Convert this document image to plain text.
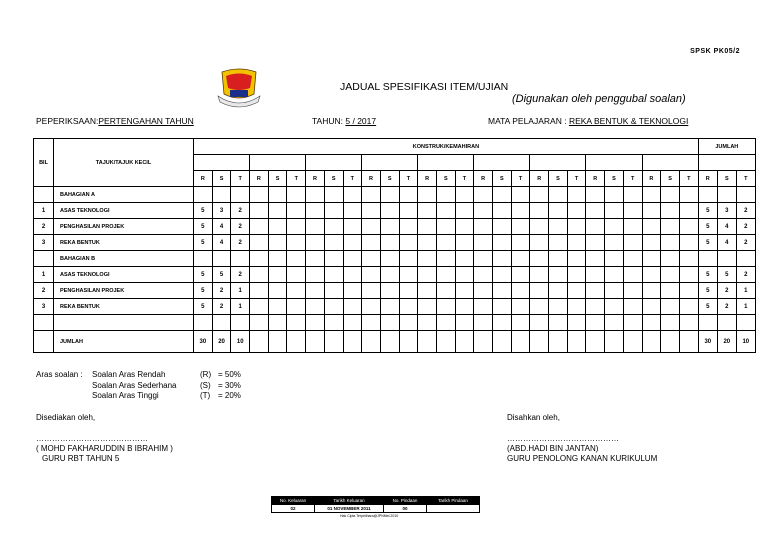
SPSK PK05/2
JADUAL SPESIFIKASI ITEM/UJIAN
(Digunakan oleh penggubal soalan)
PEPERIKSAAN:PERTENGAHAN TAHUN	TAHUN: 5 / 2017	MATA PELAJARAN : REKA BENTUK & TEKNOLOGI
BIL	TAJUK/TAJUK KECIL	KONSTRUK/KEMAHIRAN																											JUMLAH		

		R	S	T	R	S	T	R	S	T	R	S	T	R	S	T	R	S	T	R	S	T	R	S	T	R	S	T	R	S	T
	BAHAGIAN A																														
1	ASAS TEKNOLOGI	5	3	2																									5	3	2
2	PENGHASILAN PROJEK	5	4	2																									5	4	2
3	REKA BENTUK	5	4	2																									5	4	2
	BAHAGIAN B																														
1	ASAS TEKNOLOGI	5	5	2																									5	5	2
2	PENGHASILAN PROJEK	5	2	1																									5	2	1
3	REKA BENTUK	5	2	1																									5	2	1

	JUMLAH	30	20	10																									30	20	10
Aras soalan :	Soalan Aras Rendah	(R) = 50%
Soalan Aras Sederhana	(S) = 30%
Soalan Aras Tinggi	(T) = 20%
Disediakan oleh,
……………………………………
( MOHD FAKHARUDDIN B IBRAHIM )
GURU RBT TAHUN 5
Disahkan oleh,
……………………………………
(ABD.HADI BIN JANTAN)
GURU PENOLONG KANAN KURIKULUM
No. Keluaran	Tarikh Keluaran	No. Pindaan	Tarikh Pindaan
02	01 NOVEMBER 2011	00	
Hak Cipta Terpelihara@JPNMel.2010
